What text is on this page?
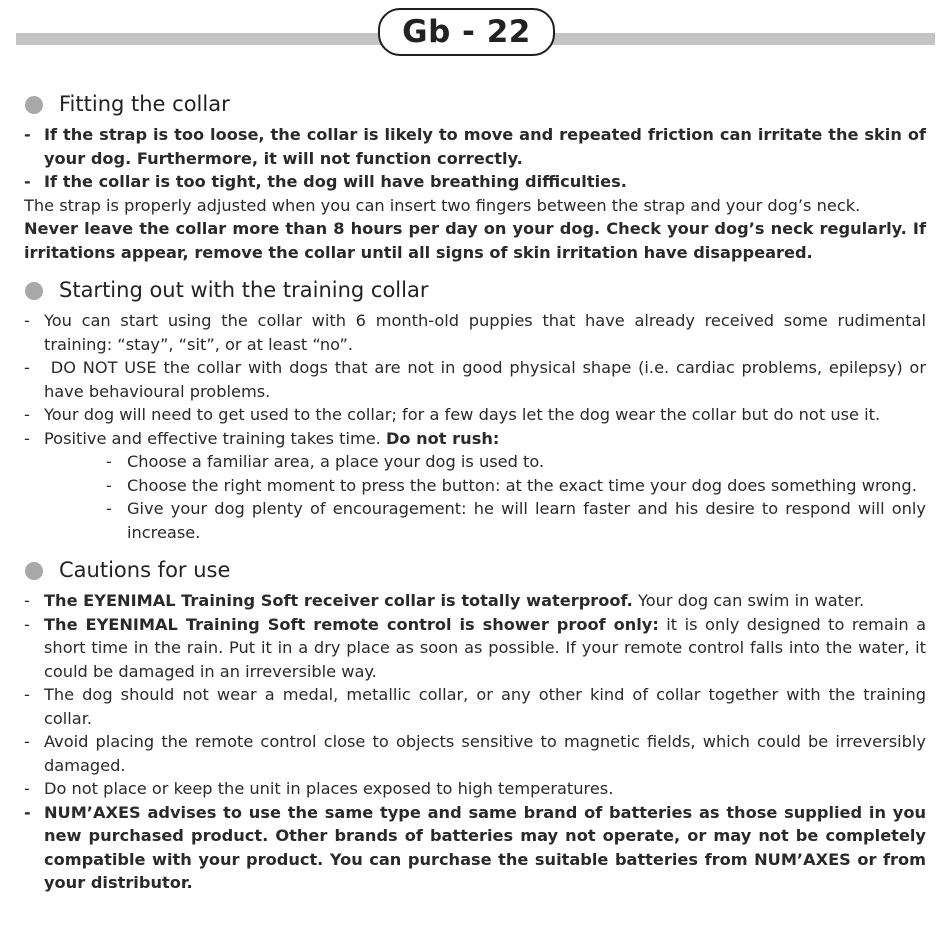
Gb - 22
Fitting the collar
- If the strap is too loose, the collar is likely to move and repeated friction can irritate the skin of your dog. Furthermore, it will not function correctly.
- If the collar is too tight, the dog will have breathing difficulties.
The strap is properly adjusted when you can insert two fingers between the strap and your dog’s neck.
Never leave the collar more than 8 hours per day on your dog. Check your dog’s neck regularly. If irritations appear, remove the collar until all signs of skin irritation have disappeared.
Starting out with the training collar
- You can start using the collar with 6 month-old puppies that have already received some rudimental training: “stay”, “sit”, or at least “no”.
- DO NOT USE the collar with dogs that are not in good physical shape (i.e. cardiac problems, epilepsy) or have behavioural problems.
- Your dog will need to get used to the collar; for a few days let the dog wear the collar but do not use it.
- Positive and effective training takes time. Do not rush:
- Choose a familiar area, a place your dog is used to.
- Choose the right moment to press the button: at the exact time your dog does something wrong.
- Give your dog plenty of encouragement: he will learn faster and his desire to respond will only increase.
Cautions for use
- The EYENIMAL Training Soft receiver collar is totally waterproof. Your dog can swim in water.
- The EYENIMAL Training Soft remote control is shower proof only: it is only designed to remain a short time in the rain. Put it in a dry place as soon as possible. If your remote control falls into the water, it could be damaged in an irreversible way.
- The dog should not wear a medal, metallic collar, or any other kind of collar together with the training collar.
- Avoid placing the remote control close to objects sensitive to magnetic fields, which could be irreversibly damaged.
- Do not place or keep the unit in places exposed to high temperatures.
- NUM’AXES advises to use the same type and same brand of batteries as those supplied in you new purchased product. Other brands of batteries may not operate, or may not be completely compatible with your product. You can purchase the suitable batteries from NUM’AXES or from your distributor.
